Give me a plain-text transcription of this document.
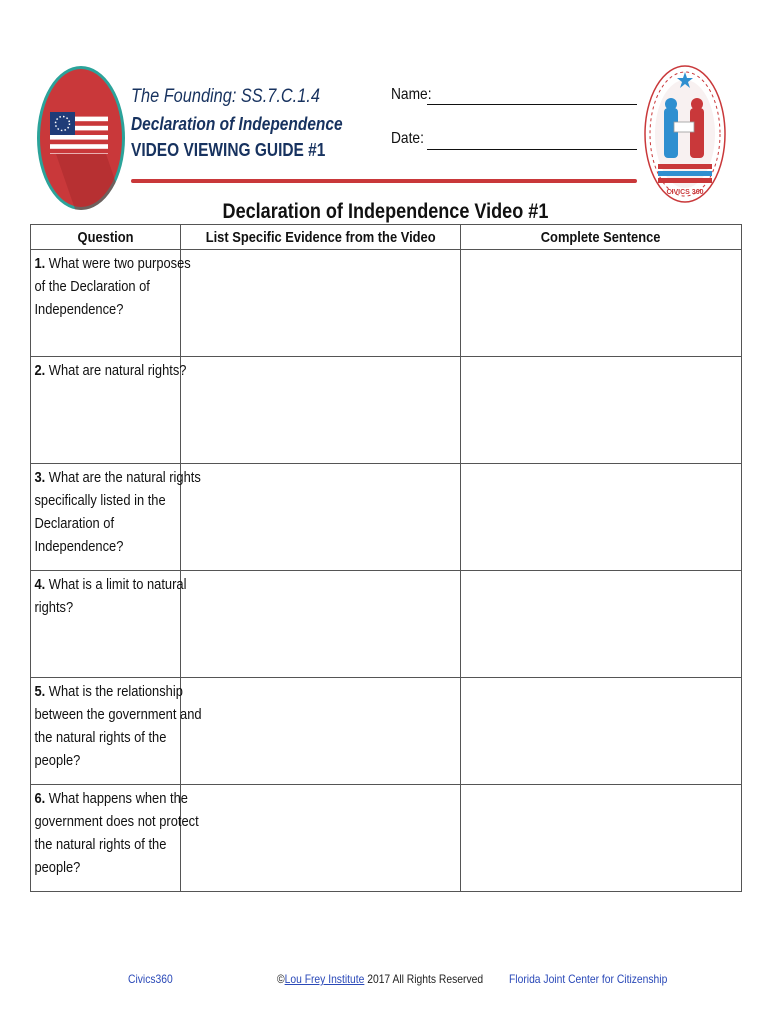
CIVICS 360
The Founding: SS.7.C.1.4
Declaration of Independence
VIDEO VIEWING GUIDE #1
Name:
Date:
Declaration of Independence Video #1
Question	List Specific Evidence from the Video	Complete Sentence

1. What were two purposes of the Declaration of Independence?		

2. What are natural rights?		

3. What are the natural rights specifically listed in the Declaration of Independence?		

4. What is a limit to natural rights?		

5. What is the relationship between the government and the natural rights of the people?		

6. What happens when the government does not protect the natural rights of the people?		

Civics360	©Lou Frey Institute 2017 All Rights Reserved	Florida Joint Center for Citizenship
